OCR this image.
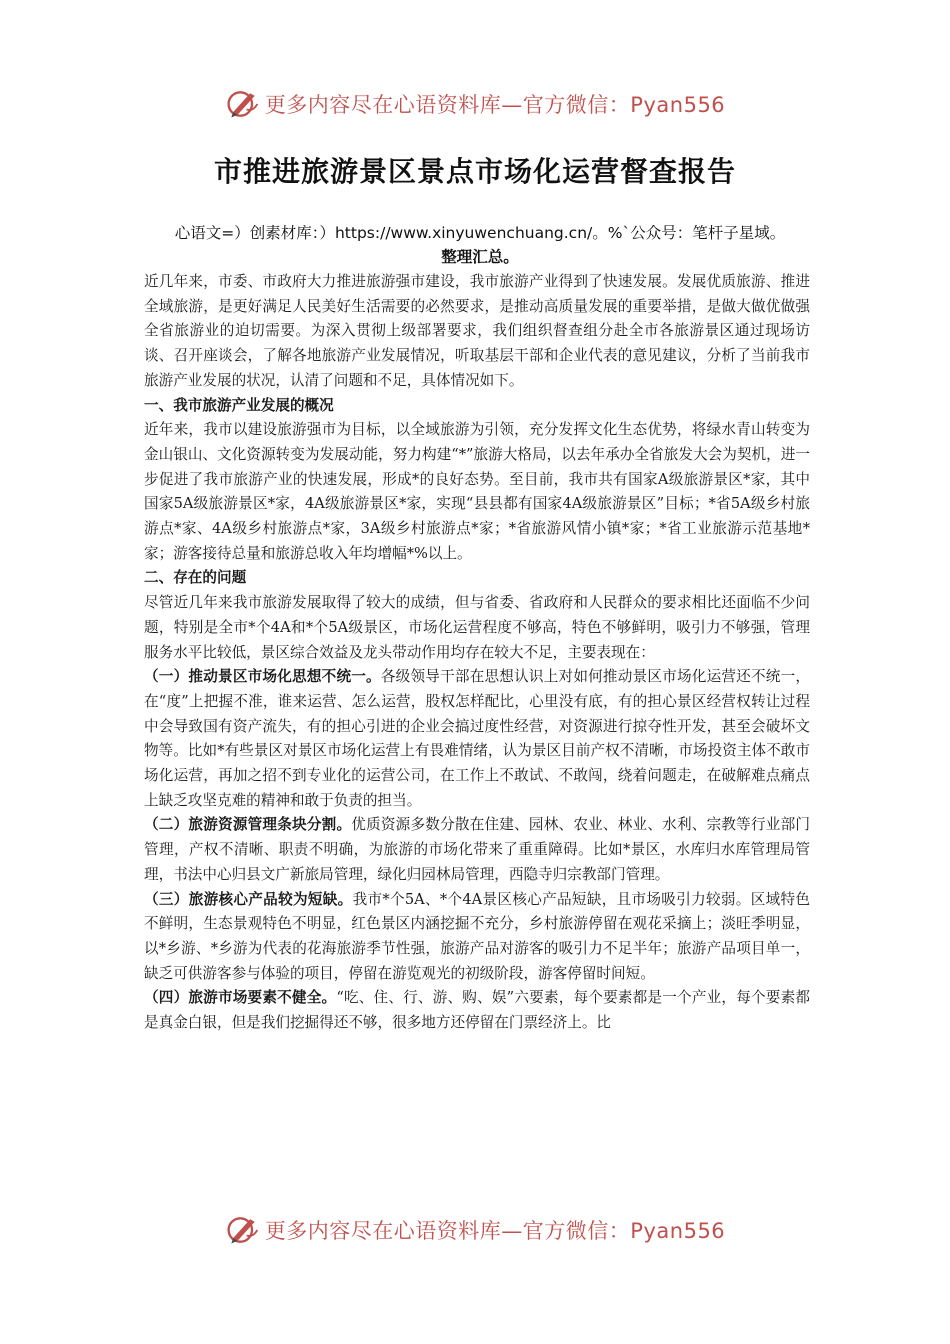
更多内容尽在心语资料库—官方微信：Pyan556
市推进旅游景区景点市场化运营督查报告
心语文=）创素材库：）https://www.xinyuwenchuang.cn/。%`公众号：笔杆子星域。
整理汇总。

近几年来，市委、市政府大力推进旅游强市建设，我市旅游产业得到了快速发展。发展优质旅游、推进全域旅游，是更好满足人民美好生活需要的必然要求，是推动高质量发展的重要举措，是做大做优做强全省旅游业的迫切需要。为深入贯彻上级部署要求，我们组织督查组分赴全市各旅游景区通过现场访谈、召开座谈会，了解各地旅游产业发展情况，听取基层干部和企业代表的意见建议，分析了当前我市旅游产业发展的状况，认清了问题和不足，具体情况如下。

一、我市旅游产业发展的概况

近年来，我市以建设旅游强市为目标，以全域旅游为引领，充分发挥文化生态优势，将绿水青山转变为金山银山、文化资源转变为发展动能，努力构建“*”旅游大格局，以去年承办全省旅发大会为契机，进一步促进了我市旅游产业的快速发展，形成*的良好态势。至目前，我市共有国家A级旅游景区*家，其中国家5A级旅游景区*家，4A级旅游景区*家，实现“县县都有国家4A级旅游景区”目标；*省5A级乡村旅游点*家、4A级乡村旅游点*家，3A级乡村旅游点*家；*省旅游风情小镇*家；*省工业旅游示范基地*家；游客接待总量和旅游总收入年均增幅*%以上。

二、存在的问题

尽管近几年来我市旅游发展取得了较大的成绩，但与省委、省政府和人民群众的要求相比还面临不少问题，特别是全市*个4A和*个5A级景区，市场化运营程度不够高，特色不够鲜明，吸引力不够强，管理服务水平比较低，景区综合效益及龙头带动作用均存在较大不足，主要表现在：

（一）推动景区市场化思想不统一。各级领导干部在思想认识上对如何推动景区市场化运营还不统一，在“度”上把握不准，谁来运营、怎么运营，股权怎样配比，心里没有底，有的担心景区经营权转让过程中会导致国有资产流失，有的担心引进的企业会搞过度性经营，对资源进行掠夺性开发，甚至会破坏文物等。比如*有些景区对景区市场化运营上有畏难情绪，认为景区目前产权不清晰，市场投资主体不敢市场化运营，再加之招不到专业化的运营公司，在工作上不敢试、不敢闯，绕着问题走，在破解难点痛点上缺乏攻坚克难的精神和敢于负责的担当。

（二）旅游资源管理条块分割。优质资源多数分散在住建、园林、农业、林业、水利、宗教等行业部门管理，产权不清晰、职责不明确，为旅游的市场化带来了重重障碍。比如*景区，水库归水库管理局管理，书法中心归县文广新旅局管理，绿化归园林局管理，西隐寺归宗教部门管理。

（三）旅游核心产品较为短缺。我市*个5A、*个4A景区核心产品短缺，且市场吸引力较弱。区域特色不鲜明，生态景观特色不明显，红色景区内涵挖掘不充分，乡村旅游停留在观花采摘上；淡旺季明显，以*乡游、*乡游为代表的花海旅游季节性强，旅游产品对游客的吸引力不足半年；旅游产品项目单一，缺乏可供游客参与体验的项目，停留在游览观光的初级阶段，游客停留时间短。

（四）旅游市场要素不健全。“吃、住、行、游、购、娱”六要素，每个要素都是一个产业，每个要素都是真金白银，但是我们挖掘得还不够，很多地方还停留在门票经济上。比

更多内容尽在心语资料库—官方微信：Pyan556
